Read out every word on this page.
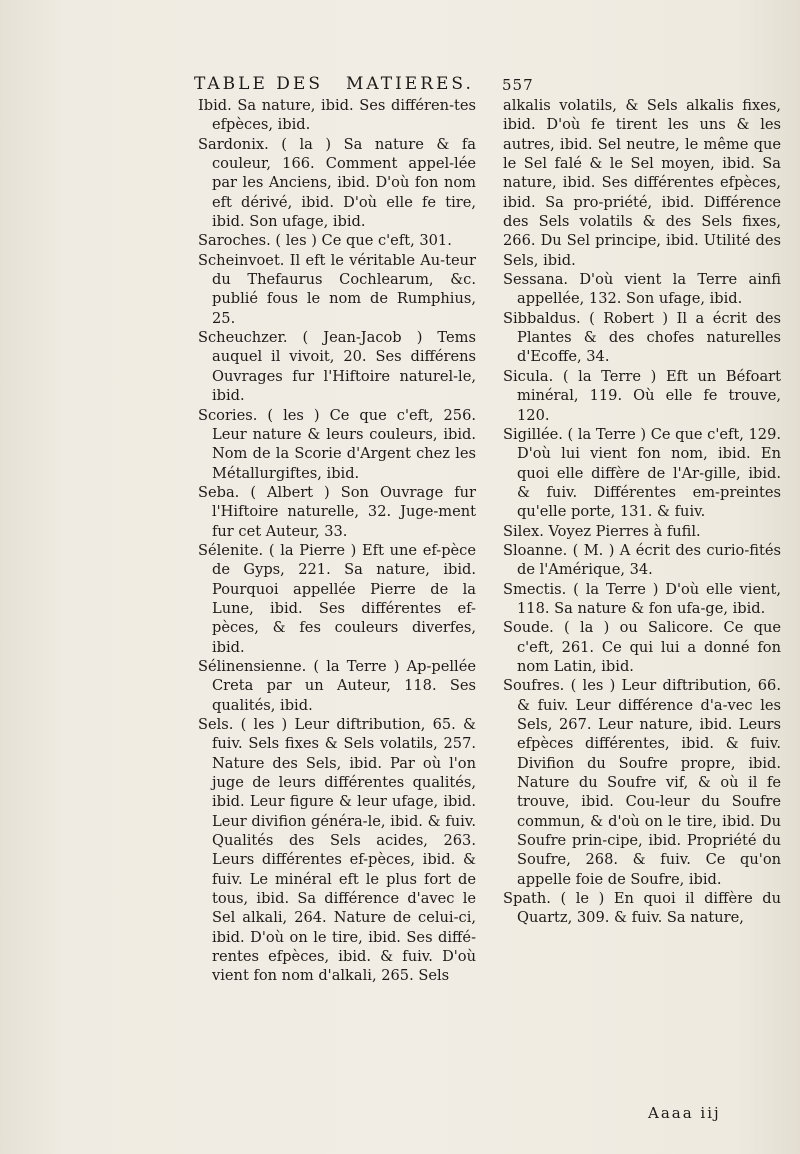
TABLE DES MATIERES. 557

Ibid. Sa nature, ibid. Ses différen-tes efpèces, ibid.

Sardonix. ( la ) Sa nature & fa couleur, 166. Comment appel-lée par les Anciens, ibid. D'où fon nom eft dérivé, ibid. D'où elle fe tire, ibid. Son ufage, ibid.

Saroches. ( les ) Ce que c'eft, 301.

Scheinvoet. Il eft le véritable Au-teur du Thefaurus Cochlearum, &c. publié fous le nom de Rumphius, 25.

Scheuchzer. ( Jean-Jacob ) Tems auquel il vivoit, 20. Ses différens Ouvrages fur l'Hiftoire naturel-le, ibid.

Scories. ( les ) Ce que c'eft, 256. Leur nature & leurs couleurs, ibid. Nom de la Scorie d'Argent chez les Métallurgiftes, ibid.

Seba. ( Albert ) Son Ouvrage fur l'Hiftoire naturelle, 32. Juge-ment fur cet Auteur, 33.

Sélenite. ( la Pierre ) Eft une ef-pèce de Gyps, 221. Sa nature, ibid. Pourquoi appellée Pierre de la Lune, ibid. Ses différentes ef-pèces, & fes couleurs diverfes, ibid.

Sélinensienne. ( la Terre ) Ap-pellée Creta par un Auteur, 118. Ses qualités, ibid.

Sels. ( les ) Leur diftribution, 65. & fuiv. Sels fixes & Sels volatils, 257. Nature des Sels, ibid. Par où l'on juge de leurs différentes qualités, ibid. Leur figure & leur ufage, ibid. Leur divifion généra-le, ibid. & fuiv. Qualités des Sels acides, 263. Leurs différentes ef-pèces, ibid. & fuiv. Le minéral eft le plus fort de tous, ibid. Sa différence d'avec le Sel alkali, 264. Nature de celui-ci, ibid. D'où on le tire, ibid. Ses diffé-rentes efpèces, ibid. & fuiv. D'où vient fon nom d'alkali, 265. Sels

alkalis volatils, & Sels alkalis fixes, ibid. D'où fe tirent les uns & les autres, ibid. Sel neutre, le même que le Sel falé & le Sel moyen, ibid. Sa nature, ibid. Ses différentes efpèces, ibid. Sa pro-priété, ibid. Différence des Sels volatils & des Sels fixes, 266. Du Sel principe, ibid. Utilité des Sels, ibid.

Sessana. D'où vient la Terre ainfi appellée, 132. Son ufage, ibid.

Sibbaldus. ( Robert ) Il a écrit des Plantes & des chofes naturelles d'Ecoffe, 34.

Sicula. ( la Terre ) Eft un Béfoart minéral, 119. Où elle fe trouve, 120.

Sigillée. ( la Terre ) Ce que c'eft, 129. D'où lui vient fon nom, ibid. En quoi elle diffère de l'Ar-gille, ibid. & fuiv. Différentes em-preintes qu'elle porte, 131. & fuiv.

Silex. Voyez Pierres à fufil.

Sloanne. ( M. ) A écrit des curio-fités de l'Amérique, 34.

Smectis. ( la Terre ) D'où elle vient, 118. Sa nature & fon ufa-ge, ibid.

Soude. ( la ) ou Salicore. Ce que c'eft, 261. Ce qui lui a donné fon nom Latin, ibid.

Soufres. ( les ) Leur diftribution, 66. & fuiv. Leur différence d'a-vec les Sels, 267. Leur nature, ibid. Leurs efpèces différentes, ibid. & fuiv. Divifion du Soufre propre, ibid. Nature du Soufre vif, & où il fe trouve, ibid. Cou-leur du Soufre commun, & d'où on le tire, ibid. Du Soufre prin-cipe, ibid. Propriété du Soufre, 268. & fuiv. Ce qu'on appelle foie de Soufre, ibid.

Spath. ( le ) En quoi il diffère du Quartz, 309. & fuiv. Sa nature,

Aaaa iij
